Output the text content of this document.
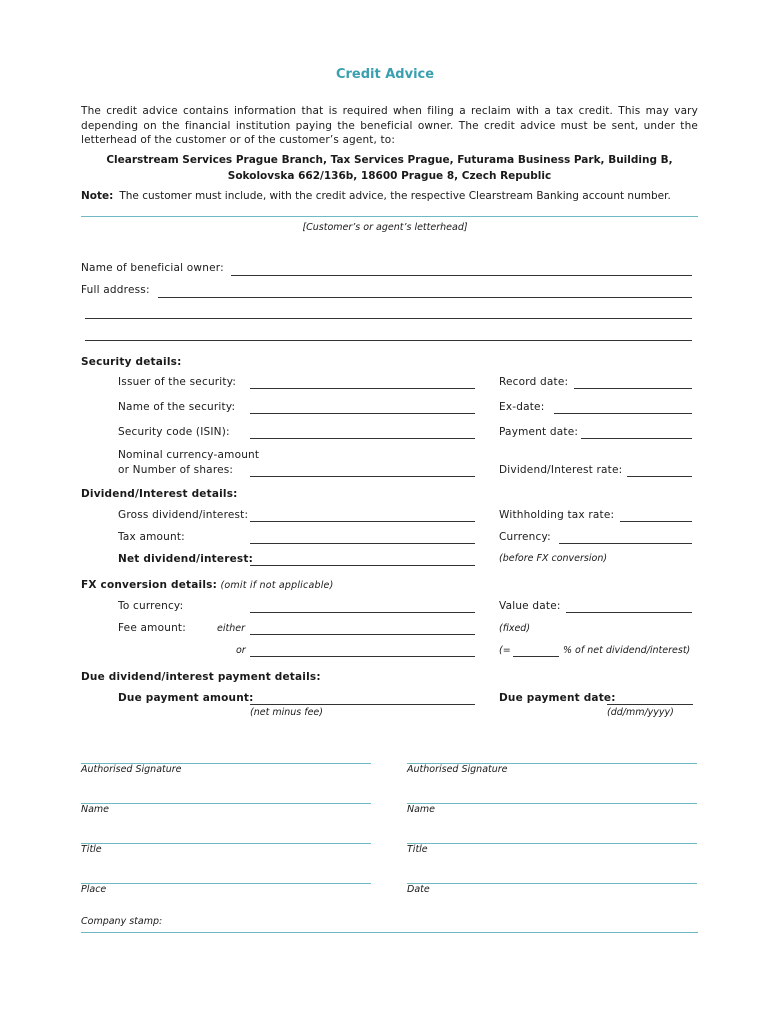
Credit Advice
The credit advice contains information that is required when filing a reclaim with a tax credit. This may vary depending on the financial institution paying the beneficial owner. The credit advice must be sent, under the letterhead of the customer or of the customer’s agent, to:
Clearstream Services Prague Branch, Tax Services Prague, Futurama Business Park, Building B,
Sokolovska 662/136b, 18600 Prague 8, Czech Republic
Note: The customer must include, with the credit advice, the respective Clearstream Banking account number.
[Customer’s or agent’s letterhead]
Name of beneficial owner:
Full address:
Security details:
Issuer of the security:	Record date:
Name of the security:	Ex-date:
Security code (ISIN):	Payment date:
Nominal currency-amount
or Number of shares:	Dividend/Interest rate:
Dividend/Interest details:
Gross dividend/interest:	Withholding tax rate:
Tax amount:	Currency:
Net dividend/interest:	(before FX conversion)
FX conversion details: (omit if not applicable)
To currency:	Value date:
Fee amount:	either	(fixed)
or	(=	% of net dividend/interest)
Due dividend/interest payment details:
Due payment amount:	Due payment date:
(net minus fee)	(dd/mm/yyyy)
Authorised Signature
Name
Title
Place
Authorised Signature
Name
Title
Date
Company stamp:
